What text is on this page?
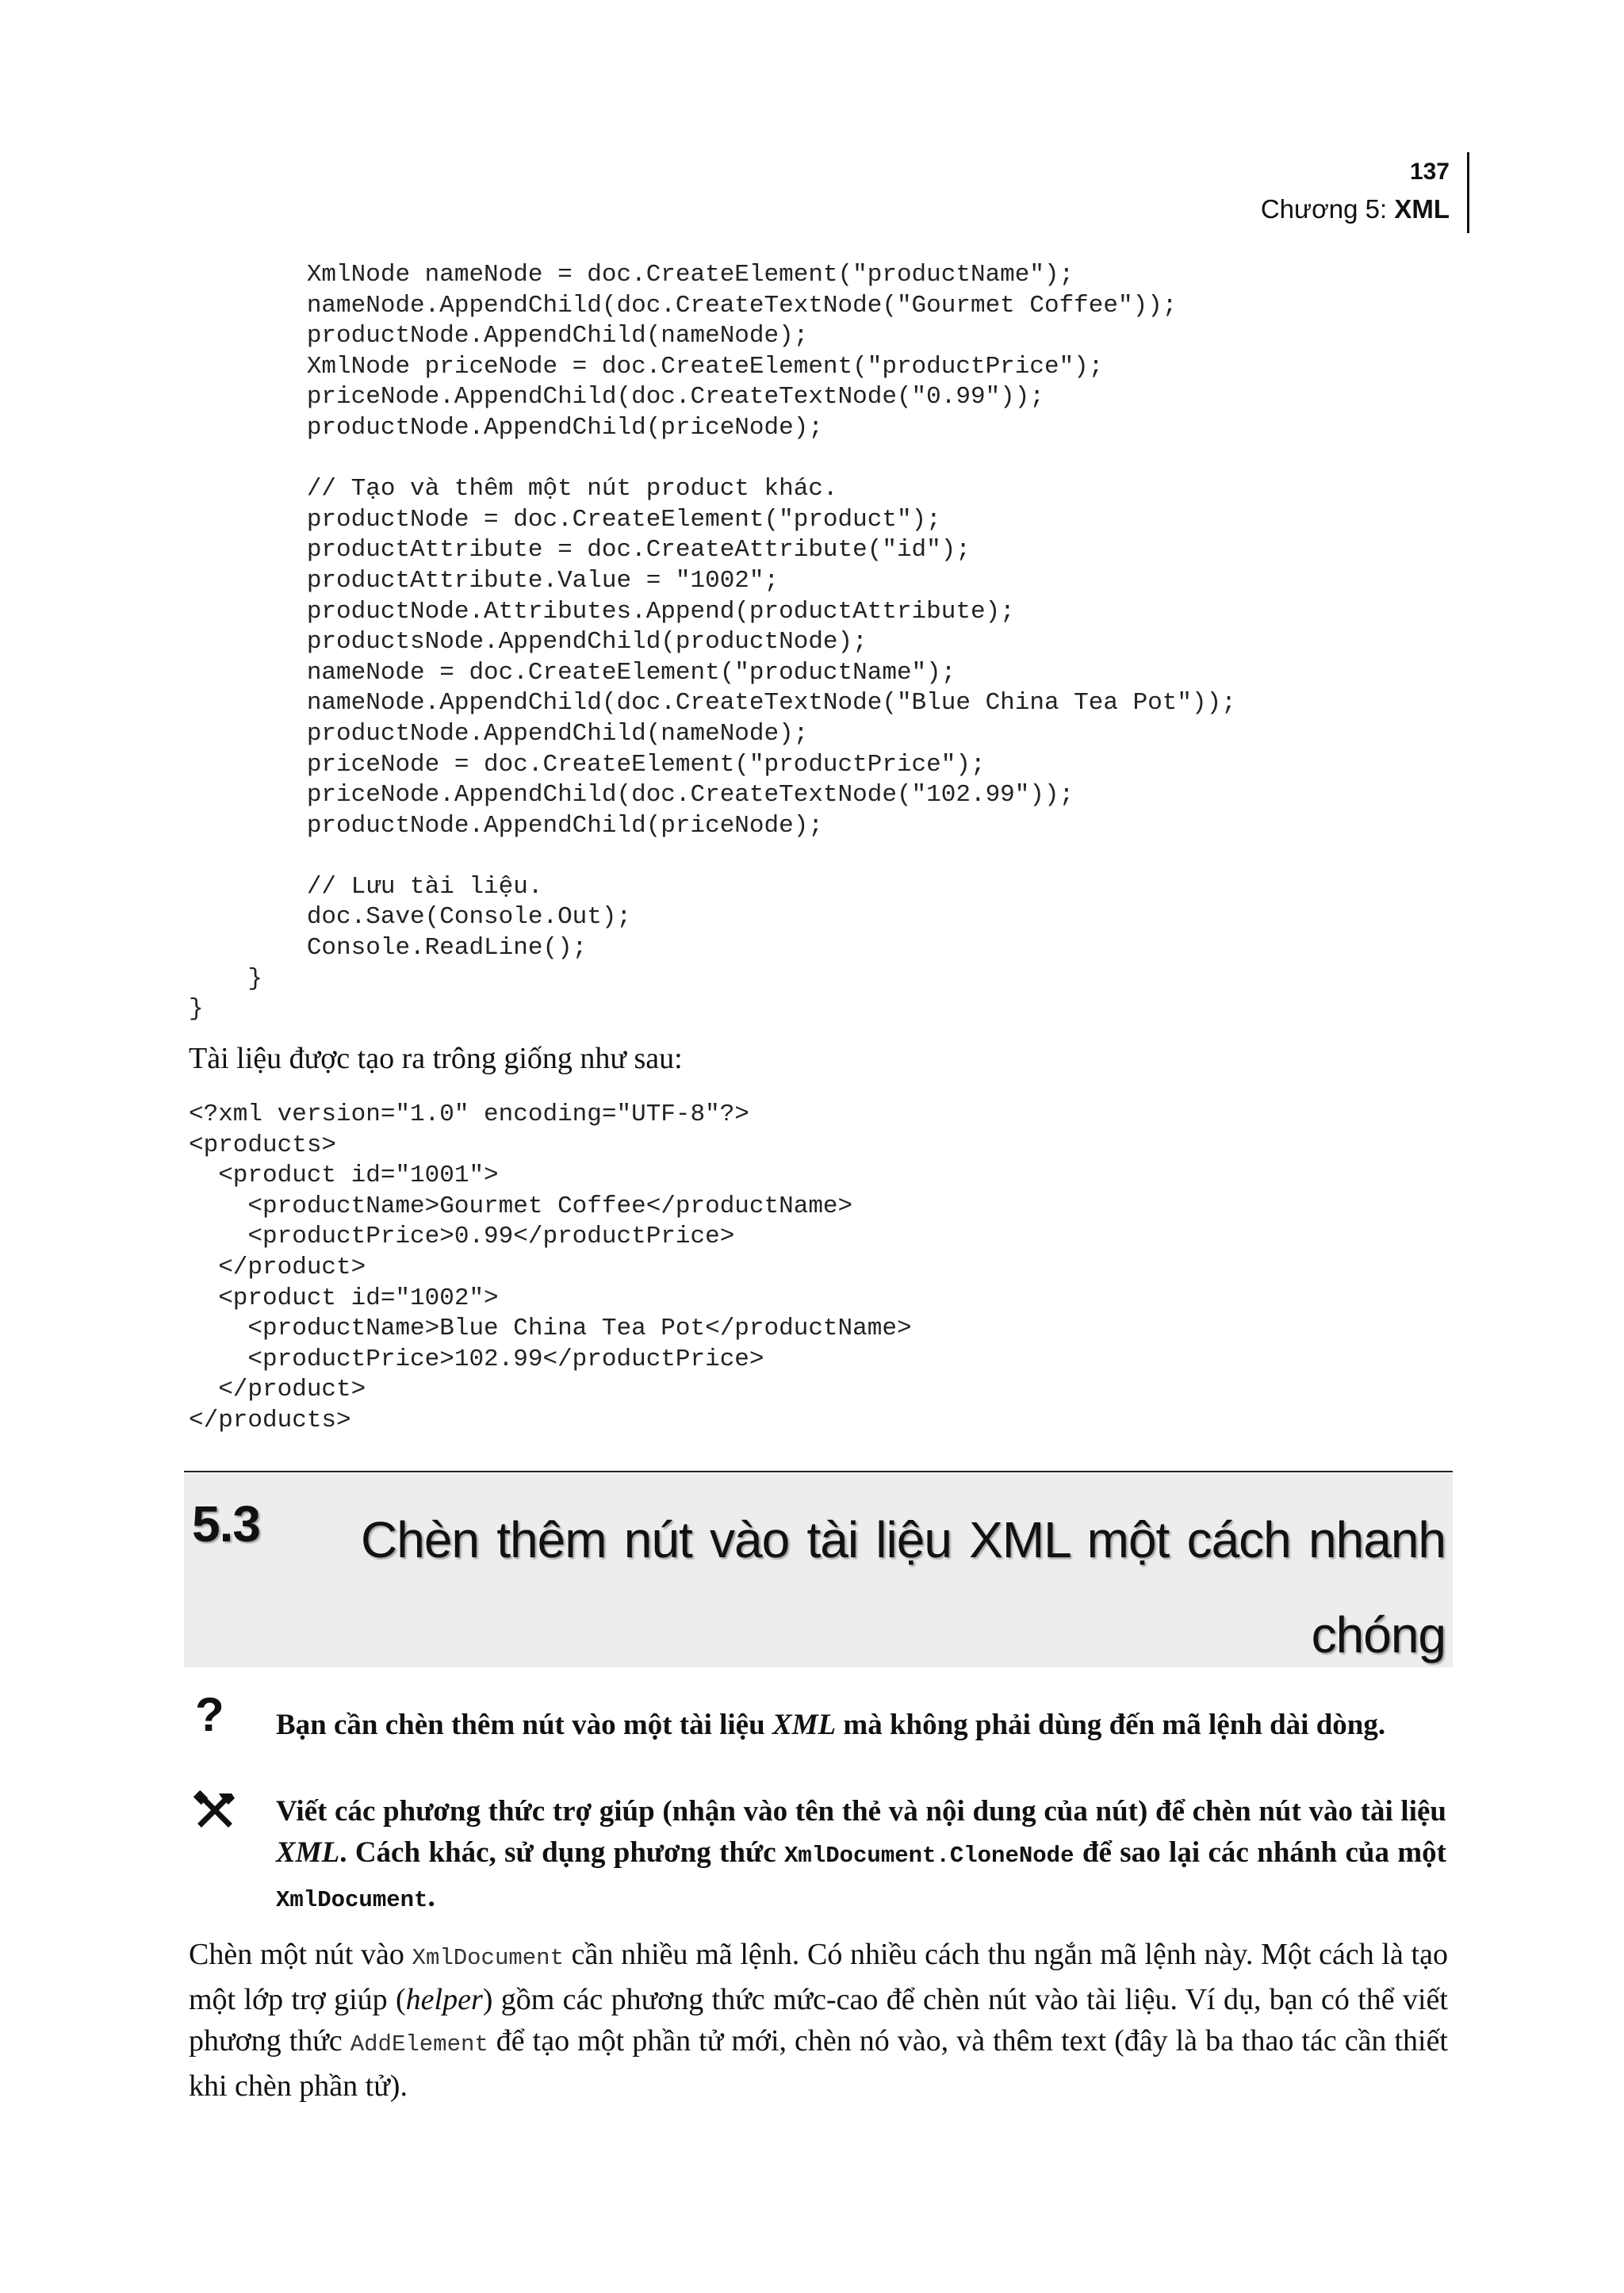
137
Chương 5: XML
XmlNode nameNode = doc.CreateElement("productName");
nameNode.AppendChild(doc.CreateTextNode("Gourmet Coffee"));
productNode.AppendChild(nameNode);
XmlNode priceNode = doc.CreateElement("productPrice");
priceNode.AppendChild(doc.CreateTextNode("0.99"));
productNode.AppendChild(priceNode);

// Tạo và thêm một nút product khác.
productNode = doc.CreateElement("product");
productAttribute = doc.CreateAttribute("id");
productAttribute.Value = "1002";
productNode.Attributes.Append(productAttribute);
productsNode.AppendChild(productNode);
nameNode = doc.CreateElement("productName");
nameNode.AppendChild(doc.CreateTextNode("Blue China Tea Pot"));
productNode.AppendChild(nameNode);
priceNode = doc.CreateElement("productPrice");
priceNode.AppendChild(doc.CreateTextNode("102.99"));
productNode.AppendChild(priceNode);

// Lưu tài liệu.
doc.Save(Console.Out);
Console.ReadLine();
}
}

Tài liệu được tạo ra trông giống như sau:

<?xml version="1.0" encoding="UTF-8"?>
<products>
<product id="1001">
<productName>Gourmet Coffee</productName>
<productPrice>0.99</productPrice>
</product>
<product id="1002">
<productName>Blue China Tea Pot</productName>
<productPrice>102.99</productPrice>
</product>
</products>
5.3 Chèn thêm nút vào tài liệu XML một cách nhanh chóng
? Bạn cần chèn thêm nút vào một tài liệu XML mà không phải dùng đến mã lệnh dài dòng.

Viết các phương thức trợ giúp (nhận vào tên thẻ và nội dung của nút) để chèn nút vào tài liệu XML. Cách khác, sử dụng phương thức XmlDocument.CloneNode để sao lại các nhánh của một XmlDocument.

Chèn một nút vào XmlDocument cần nhiều mã lệnh. Có nhiều cách thu ngắn mã lệnh này. Một cách là tạo một lớp trợ giúp (helper) gồm các phương thức mức-cao để chèn nút vào tài liệu. Ví dụ, bạn có thể viết phương thức AddElement để tạo một phần tử mới, chèn nó vào, và thêm text (đây là ba thao tác cần thiết khi chèn phần tử).
